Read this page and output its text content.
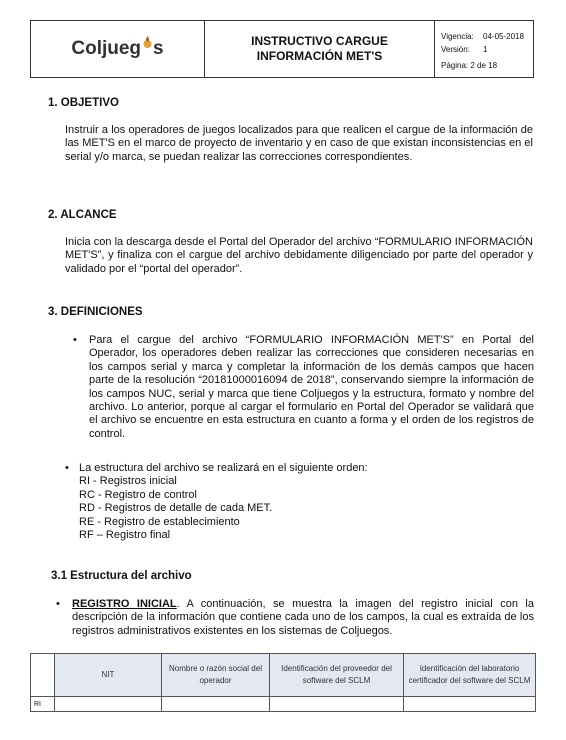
Coljueg s	INSTRUCTIVO CARGUE
INFORMACIÓN MET'S
Vigencia: 04-05-2018
Versión: 1
Página: 2 de 18
1. OBJETIVO
Instruir a los operadores de juegos localizados para que realicen el cargue de la información de las MET'S en el marco de proyecto de inventario y en caso de que existan inconsistencias en el serial y/o marca, se puedan realizar las correcciones correspondientes.
2. ALCANCE
Inicia con la descarga desde el Portal del Operador del archivo “FORMULARIO INFORMACIÓN MET'S”, y finaliza con el cargue del archivo debidamente diligenciado por parte del operador y validado por el “portal del operador”.
3. DEFINICIONES
• Para el cargue del archivo “FORMULARIO INFORMACIÓN MET'S” en Portal del Operador, los operadores deben realizar las correcciones que consideren necesarias en los campos serial y marca y completar la información de los demás campos que hacen parte de la resolución “20181000016094 de 2018”, conservando siempre la información de los campos NUC, serial y marca que tiene Coljuegos y la estructura, formato y nombre del archivo. Lo anterior, porque al cargar el formulario en Portal del Operador se validará que el archivo se encuentre en esta estructura en cuanto a forma y el orden de los registros de control.
• La estructura del archivo se realizará en el siguiente orden:
RI - Registros inicial
RC - Registro de control
RD - Registros de detalle de cada MET.
RE - Registro de establecimiento
RF – Registro final
3.1 Estructura del archivo
• REGISTRO INICIAL. A continuación, se muestra la imagen del registro inicial con la descripción de la información que contiene cada uno de los campos, la cual es extraída de los registros administrativos existentes en los sistemas de Coljuegos.
	NIT	Nombre o razón social del operador	Identificación del proveedor del software del SCLM	Identificación del laboratorio certificador del software del SCLM
RI				
